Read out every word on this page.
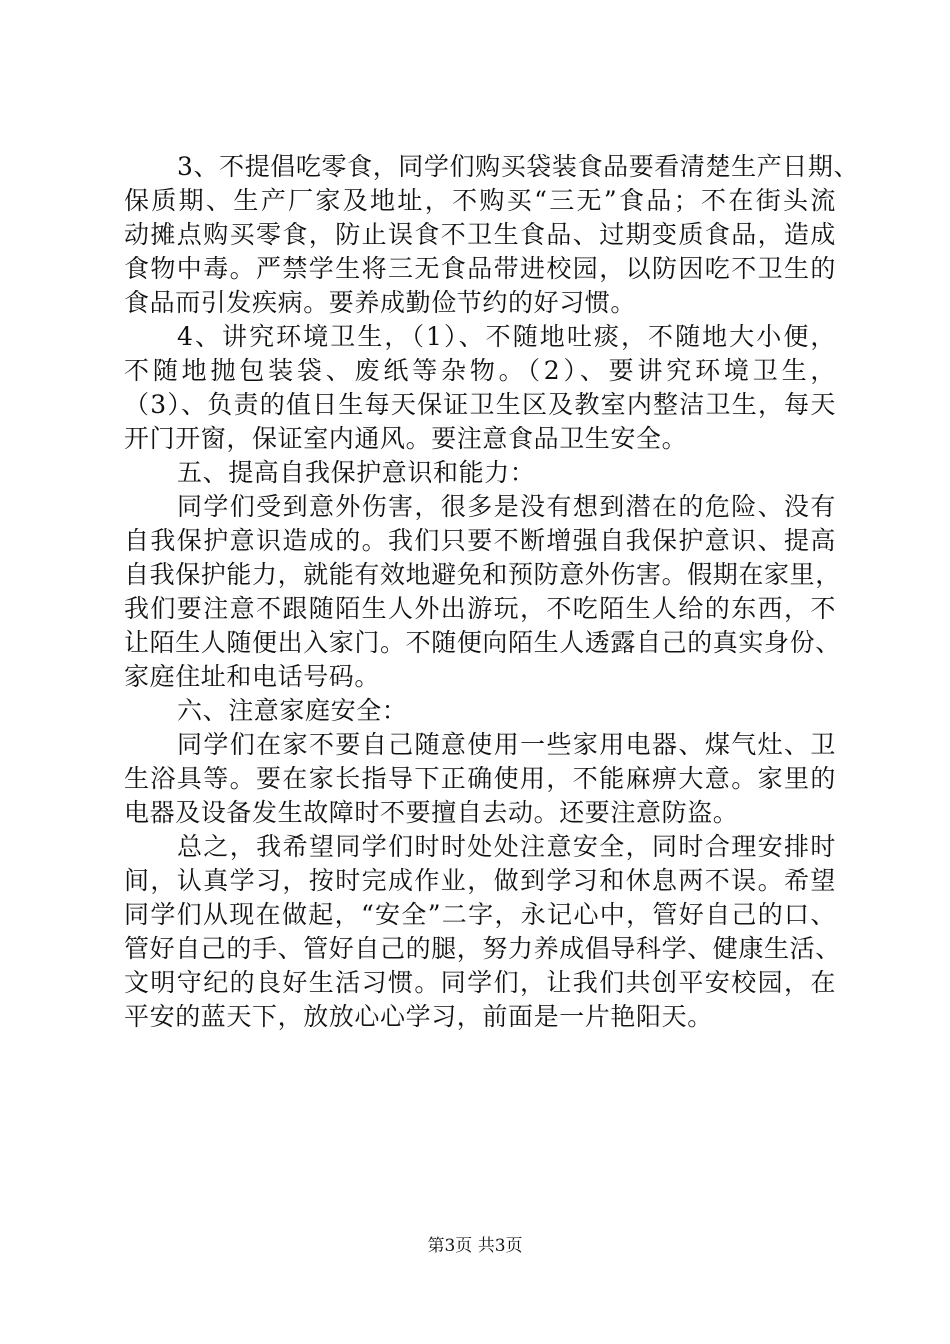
3、不提倡吃零食，同学们购买袋装食品要看清楚生产日期、
保质期、生产厂家及地址，不购买“三无”食品；不在街头流
动摊点购买零食，防止误食不卫生食品、过期变质食品，造成
食物中毒。严禁学生将三无食品带进校园，以防因吃不卫生的
食品而引发疾病。要养成勤俭节约的好习惯。
4、讲究环境卫生，（1）、不随地吐痰，不随地大小便，
不随地抛包装袋、废纸等杂物。（2）、要讲究环境卫生，
（3）、负责的值日生每天保证卫生区及教室内整洁卫生，每天
开门开窗，保证室内通风。要注意食品卫生安全。
五、提高自我保护意识和能力：
同学们受到意外伤害，很多是没有想到潜在的危险、没有
自我保护意识造成的。我们只要不断增强自我保护意识、提高
自我保护能力，就能有效地避免和预防意外伤害。假期在家里，
我们要注意不跟随陌生人外出游玩，不吃陌生人给的东西，不
让陌生人随便出入家门。不随便向陌生人透露自己的真实身份、
家庭住址和电话号码。
六、注意家庭安全：
同学们在家不要自己随意使用一些家用电器、煤气灶、卫
生浴具等。要在家长指导下正确使用，不能麻痹大意。家里的
电器及设备发生故障时不要擅自去动。还要注意防盗。
总之，我希望同学们时时处处注意安全，同时合理安排时
间，认真学习，按时完成作业，做到学习和休息两不误。希望
同学们从现在做起，“安全”二字，永记心中，管好自己的口、
管好自己的手、管好自己的腿，努力养成倡导科学、健康生活、
文明守纪的良好生活习惯。同学们，让我们共创平安校园，在
平安的蓝天下，放放心心学习，前面是一片艳阳天。
第3页 共3页
